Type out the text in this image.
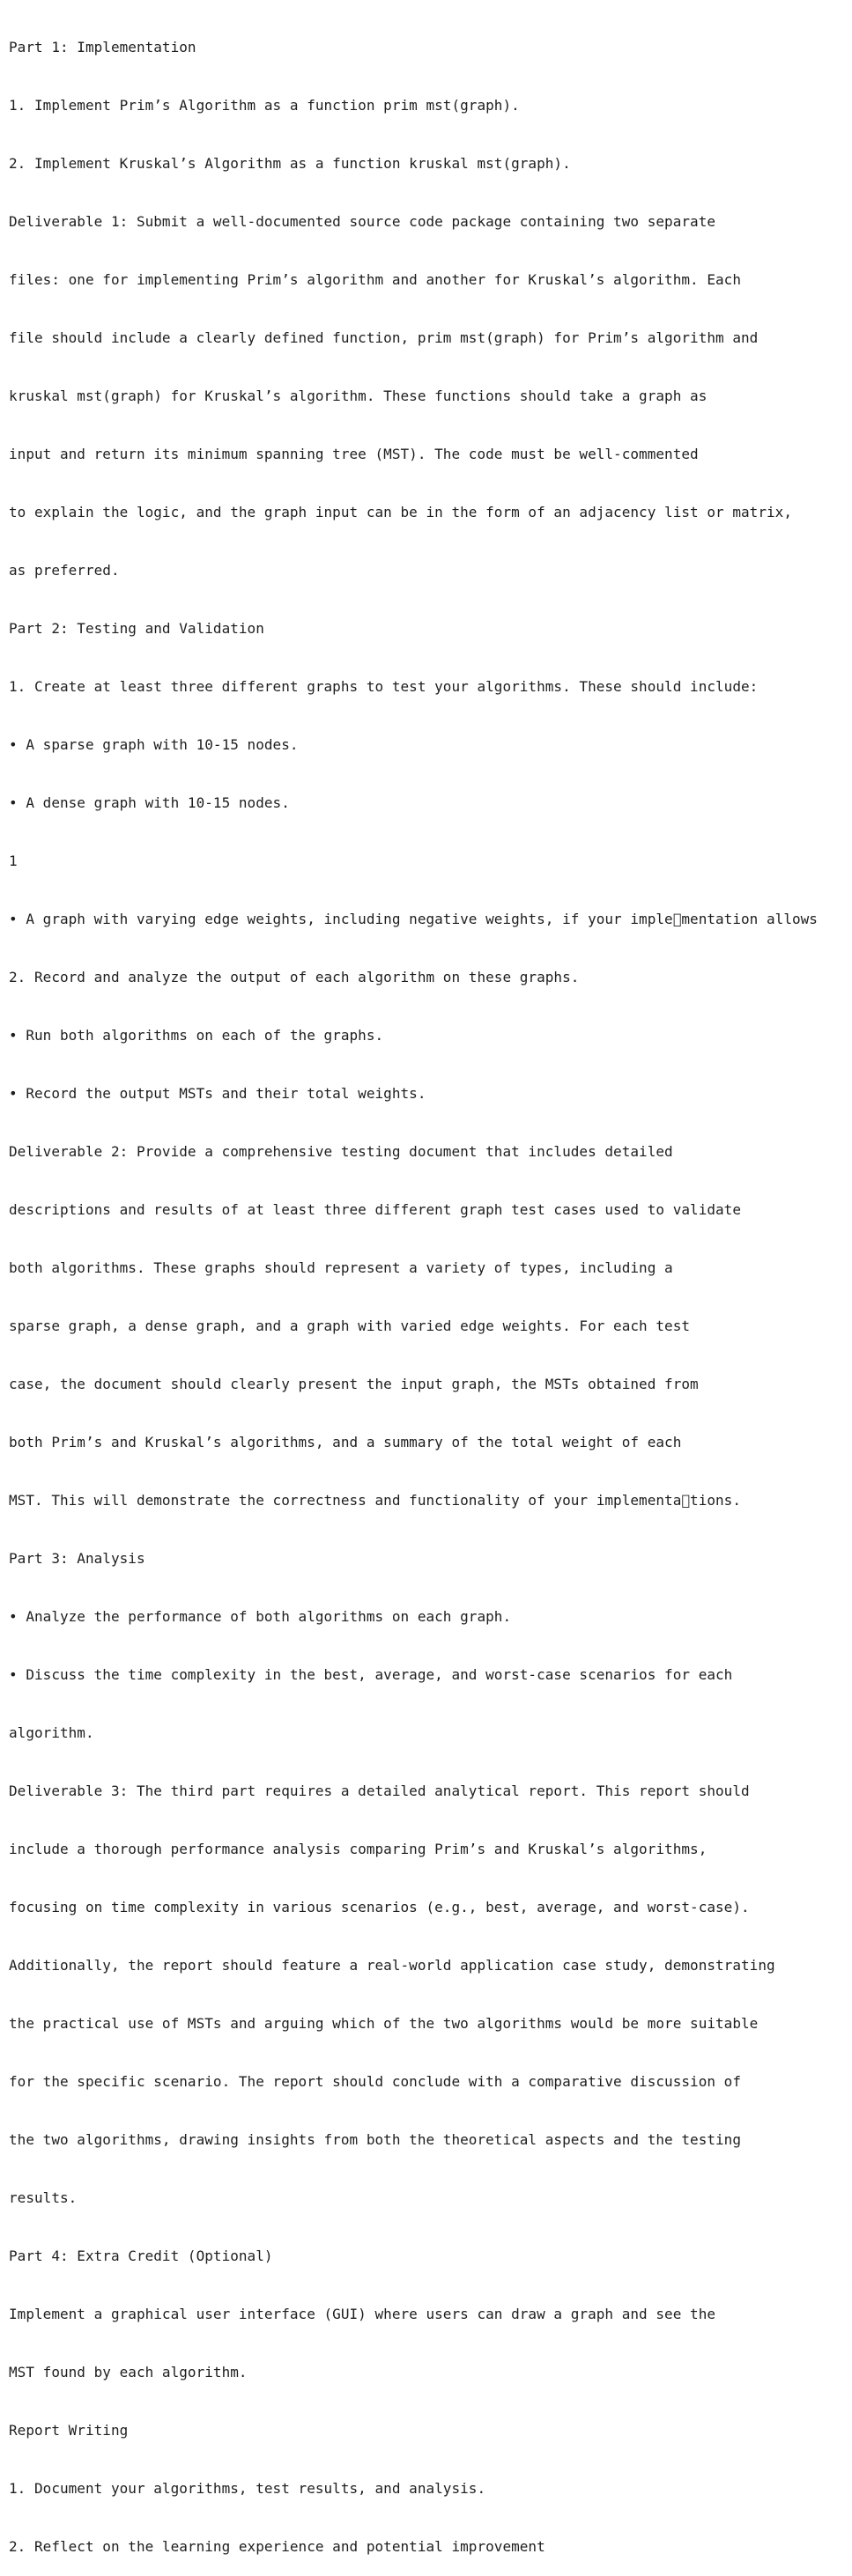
Part 1: Implementation

1. Implement Prim’s Algorithm as a function prim mst(graph).

2. Implement Kruskal’s Algorithm as a function kruskal mst(graph).

Deliverable 1: Submit a well-documented source code package containing two separate

files: one for implementing Prim’s algorithm and another for Kruskal’s algorithm. Each

file should include a clearly defined function, prim mst(graph) for Prim’s algorithm and

kruskal mst(graph) for Kruskal’s algorithm. These functions should take a graph as

input and return its minimum spanning tree (MST). The code must be well-commented

to explain the logic, and the graph input can be in the form of an adjacency list or matrix,

as preferred.

Part 2: Testing and Validation

1. Create at least three different graphs to test your algorithms. These should include:

• A sparse graph with 10-15 nodes.

• A dense graph with 10-15 nodes.

1

• A graph with varying edge weights, including negative weights, if your imple mentation allows

2. Record and analyze the output of each algorithm on these graphs.

• Run both algorithms on each of the graphs.

• Record the output MSTs and their total weights.

Deliverable 2: Provide a comprehensive testing document that includes detailed

descriptions and results of at least three different graph test cases used to validate

both algorithms. These graphs should represent a variety of types, including a

sparse graph, a dense graph, and a graph with varied edge weights. For each test

case, the document should clearly present the input graph, the MSTs obtained from

both Prim’s and Kruskal’s algorithms, and a summary of the total weight of each

MST. This will demonstrate the correctness and functionality of your implementa tions.

Part 3: Analysis

• Analyze the performance of both algorithms on each graph.

• Discuss the time complexity in the best, average, and worst-case scenarios for each

algorithm.

Deliverable 3: The third part requires a detailed analytical report. This report should

include a thorough performance analysis comparing Prim’s and Kruskal’s algorithms,

focusing on time complexity in various scenarios (e.g., best, average, and worst-case).

Additionally, the report should feature a real-world application case study, demonstrating

the practical use of MSTs and arguing which of the two algorithms would be more suitable

for the specific scenario. The report should conclude with a comparative discussion of

the two algorithms, drawing insights from both the theoretical aspects and the testing

results.

Part 4: Extra Credit (Optional)

Implement a graphical user interface (GUI) where users can draw a graph and see the

MST found by each algorithm.

Report Writing

1. Document your algorithms, test results, and analysis.

2. Reflect on the learning experience and potential improvement
